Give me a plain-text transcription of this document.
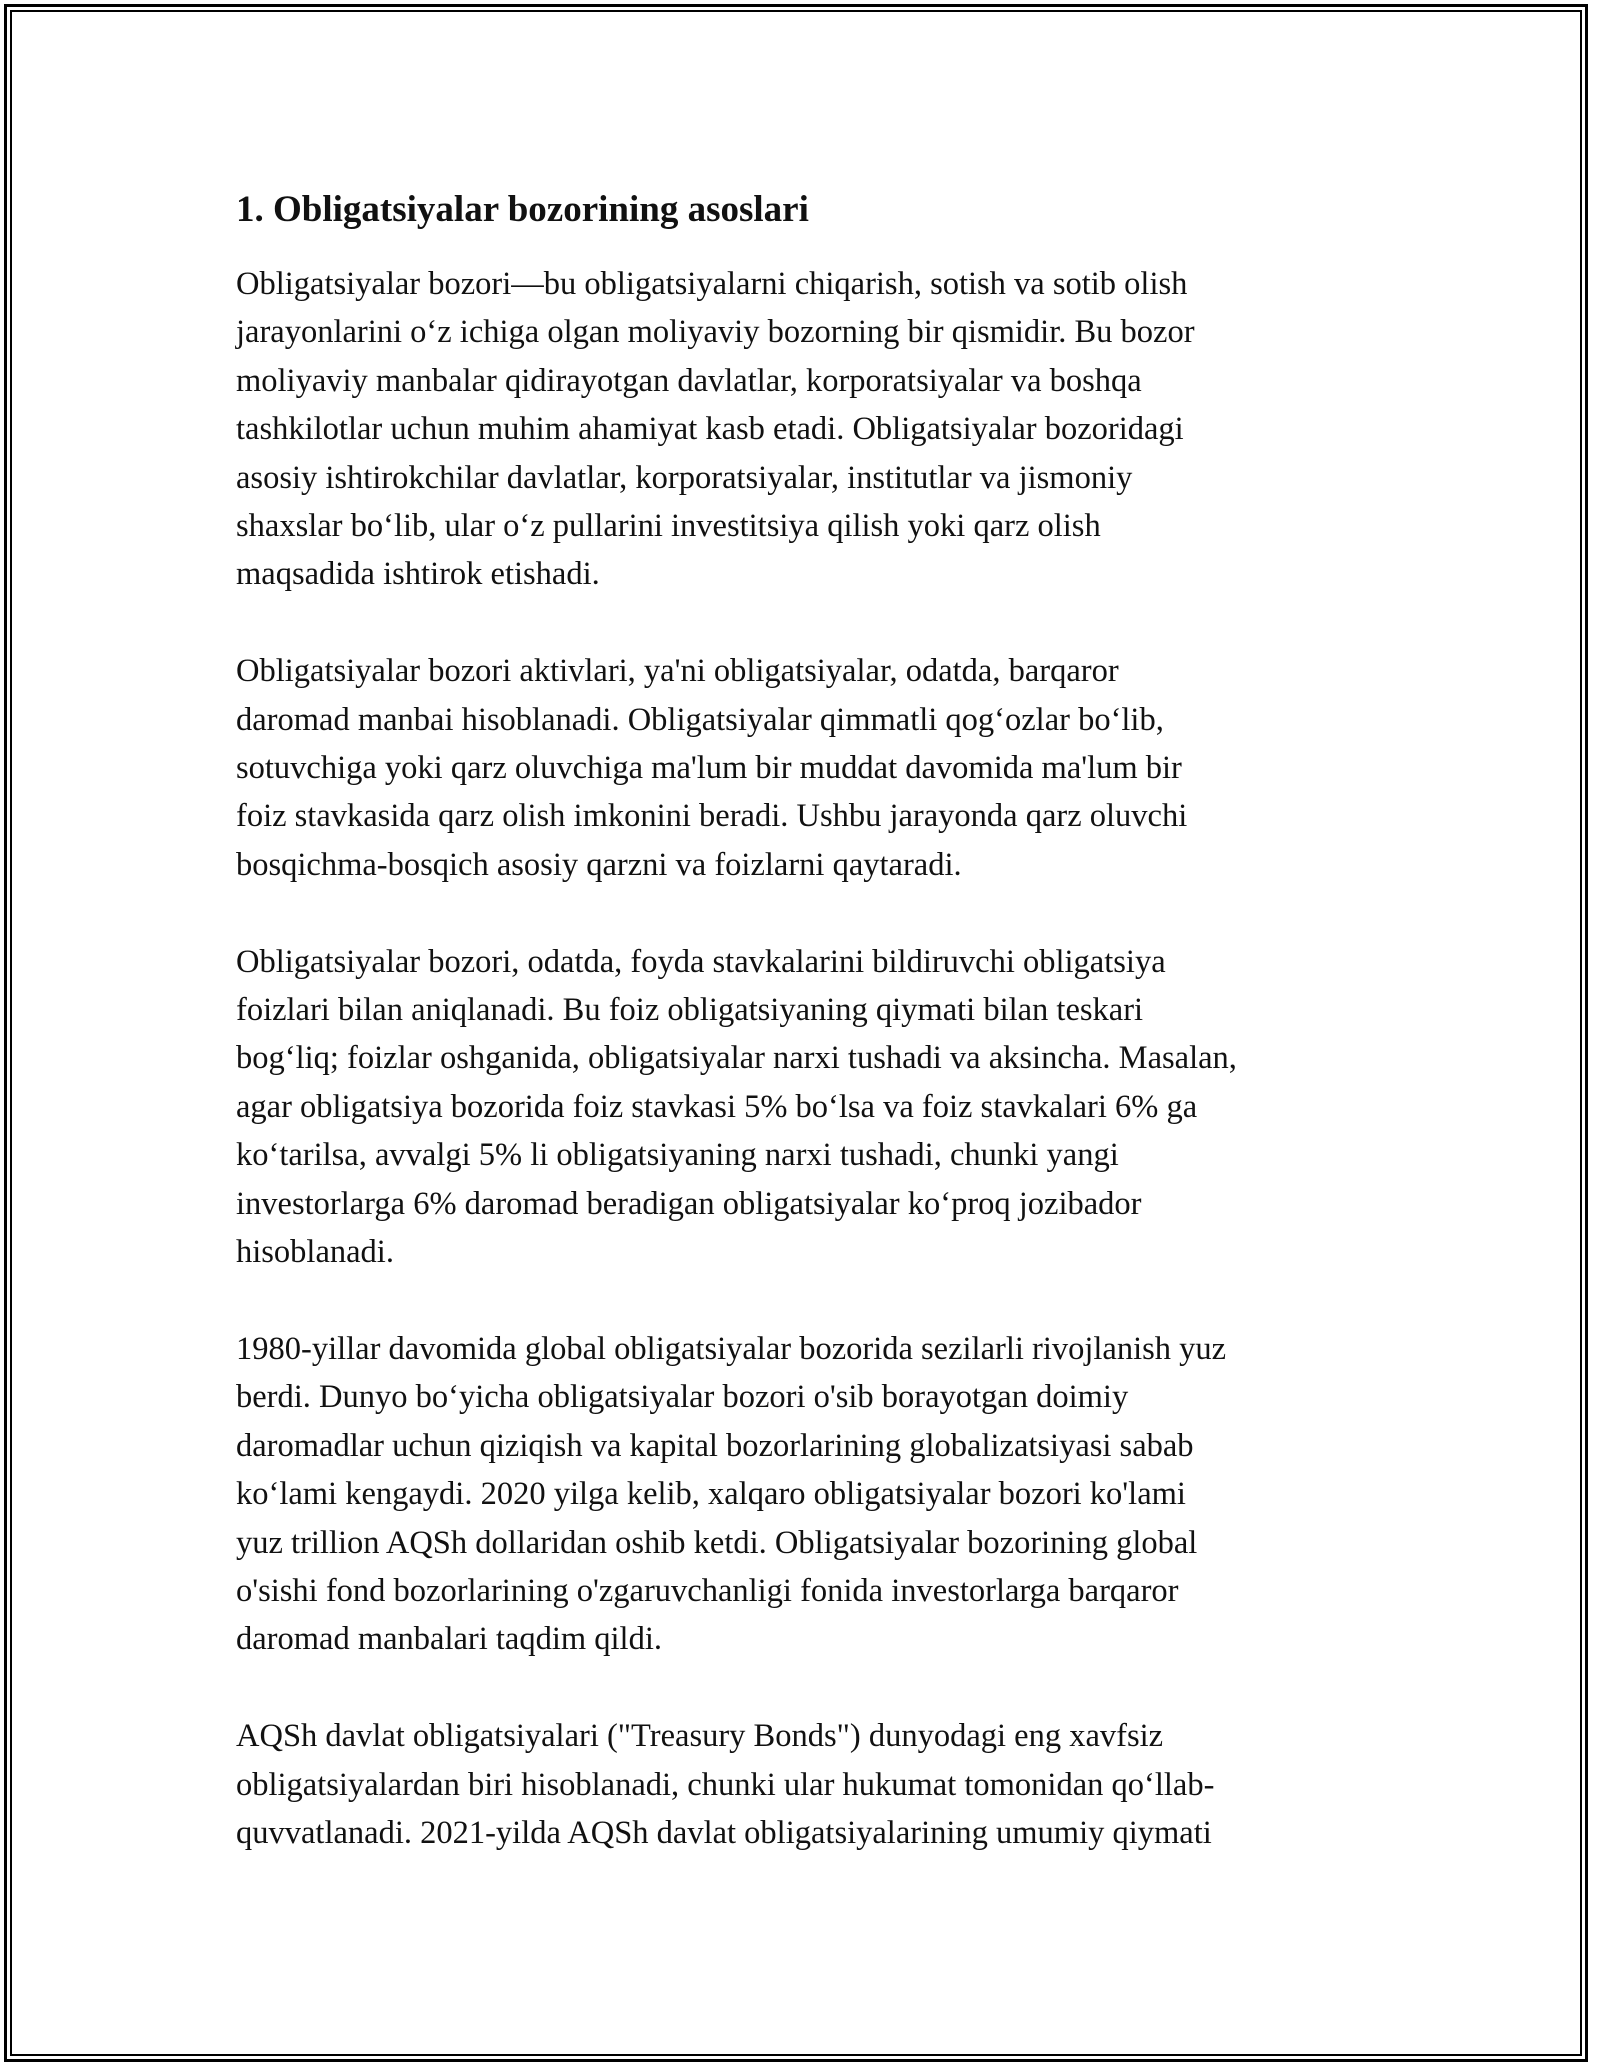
1. Obligatsiyalar bozorining asoslari

Obligatsiyalar bozori—bu obligatsiyalarni chiqarish, sotish va sotib olish
jarayonlarini o‘z ichiga olgan moliyaviy bozorning bir qismidir. Bu bozor
moliyaviy manbalar qidirayotgan davlatlar, korporatsiyalar va boshqa
tashkilotlar uchun muhim ahamiyat kasb etadi. Obligatsiyalar bozoridagi
asosiy ishtirokchilar davlatlar, korporatsiyalar, institutlar va jismoniy
shaxslar bo‘lib, ular o‘z pullarini investitsiya qilish yoki qarz olish
maqsadida ishtirok etishadi.

Obligatsiyalar bozori aktivlari, ya'ni obligatsiyalar, odatda, barqaror
daromad manbai hisoblanadi. Obligatsiyalar qimmatli qog‘ozlar bo‘lib,
sotuvchiga yoki qarz oluvchiga ma'lum bir muddat davomida ma'lum bir
foiz stavkasida qarz olish imkonini beradi. Ushbu jarayonda qarz oluvchi
bosqichma-bosqich asosiy qarzni va foizlarni qaytaradi.

Obligatsiyalar bozori, odatda, foyda stavkalarini bildiruvchi obligatsiya
foizlari bilan aniqlanadi. Bu foiz obligatsiyaning qiymati bilan teskari
bog‘liq; foizlar oshganida, obligatsiyalar narxi tushadi va aksincha. Masalan,
agar obligatsiya bozorida foiz stavkasi 5% bo‘lsa va foiz stavkalari 6% ga
ko‘tarilsa, avvalgi 5% li obligatsiyaning narxi tushadi, chunki yangi
investorlarga 6% daromad beradigan obligatsiyalar ko‘proq jozibador
hisoblanadi.

1980-yillar davomida global obligatsiyalar bozorida sezilarli rivojlanish yuz
berdi. Dunyo bo‘yicha obligatsiyalar bozori o'sib borayotgan doimiy
daromadlar uchun qiziqish va kapital bozorlarining globalizatsiyasi sabab
ko‘lami kengaydi. 2020 yilga kelib, xalqaro obligatsiyalar bozori ko'lami
yuz trillion AQSh dollaridan oshib ketdi. Obligatsiyalar bozorining global
o'sishi fond bozorlarining o'zgaruvchanligi fonida investorlarga barqaror
daromad manbalari taqdim qildi.

AQSh davlat obligatsiyalari ("Treasury Bonds") dunyodagi eng xavfsiz
obligatsiyalardan biri hisoblanadi, chunki ular hukumat tomonidan qo‘llab-
quvvatlanadi. 2021-yilda AQSh davlat obligatsiyalarining umumiy qiymati
